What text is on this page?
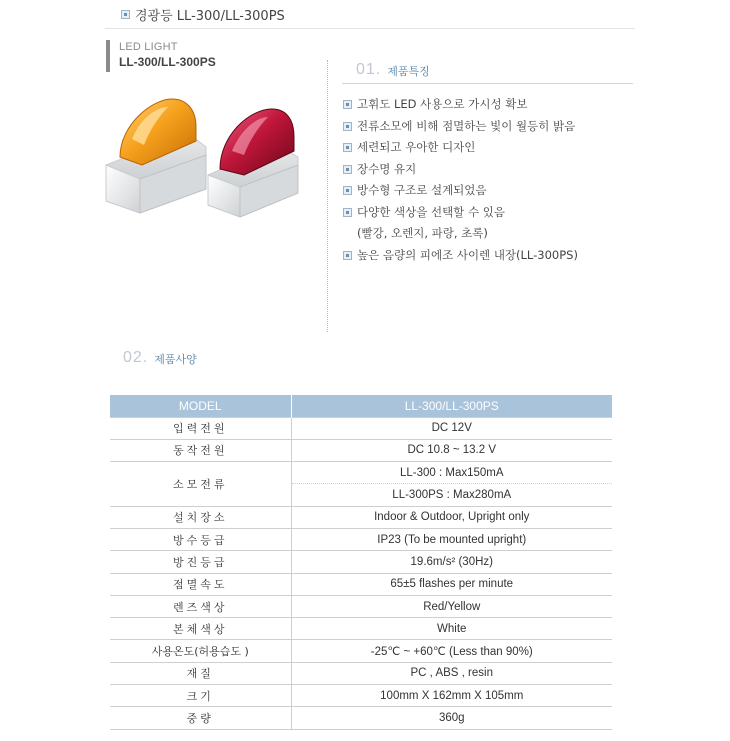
경광등 LL-300/LL-300PS
LED LIGHT
LL-300/LL-300PS	01. 제품특징
고휘도 LED 사용으로 가시성 확보
전류소모에 비해 점멸하는 빛이 월등히 밝음
세련되고 우아한 디자인
장수명 유지
방수형 구조로 설계되었음
다양한 색상을 선택할 수 있음
(빨강, 오렌지, 파랑, 초록)
높은 음량의 피에조 사이렌 내장(LL-300PS)
02. 제품사양
MODEL	LL-300/LL-300PS
입력전원	DC 12V
동작전원	DC 10.8 ~ 13.2 V
소모전류	LL-300 : Max150mA
	LL-300PS : Max280mA
설치장소	Indoor & Outdoor, Upright only
방수등급	IP23 (To be mounted upright)
방진등급	19.6m/s² (30Hz)
점멸속도	65±5 flashes per minute
렌즈색상	Red/Yellow
본체색상	White
사용온도(허용습도 )	-25℃ ~ +60℃ (Less than 90%)
재질	PC , ABS , resin
크기	100mm X 162mm X 105mm
중량	360g
